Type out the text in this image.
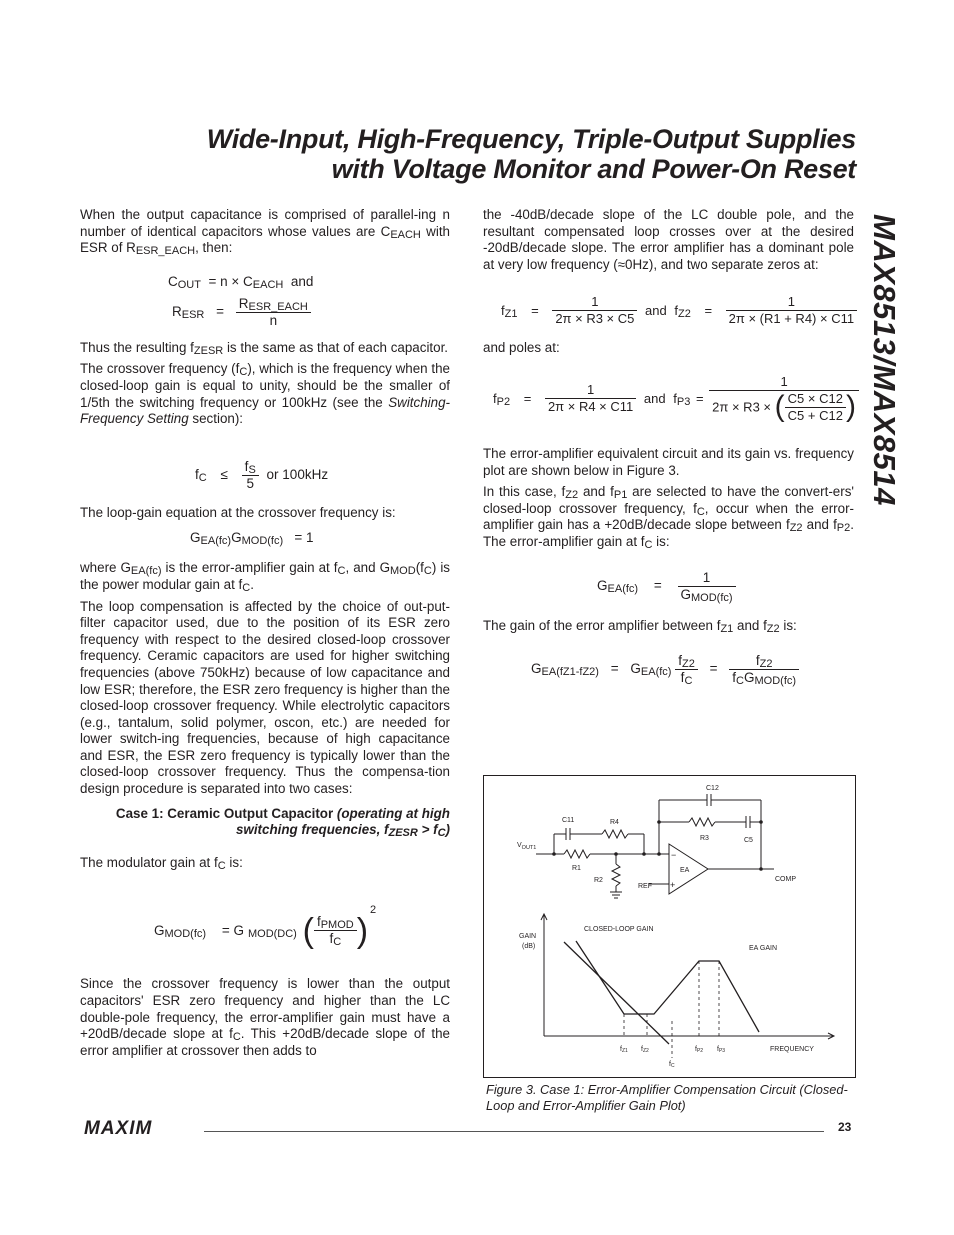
Wide-Input, High-Frequency, Triple-Output Supplies
with Voltage Monitor and Power-On Reset
MAX8513/MAX8514

When the output capacitance is comprised of parallel-ing n number of identical capacitors whose values are $C_{EACH}$ with ESR of $R_{ESR\_EACH}$, then:

$C_{OUT} = n \times C_{EACH}$ and
$R_{ESR} = \frac{R_{ESR\_EACH}}{n}$

Thus the resulting $f_{ZESR}$ is the same as that of each capacitor.

The crossover frequency $(f_C)$, which is the frequency when the closed-loop gain is equal to unity, should be the smaller of 1/5th the switching frequency or 100kHz (see the Switching-Frequency Setting section):

$f_C \le \frac{f_S}{5}$ or 100kHz

The loop-gain equation at the crossover frequency is:

$G_{EA(fc)}G_{MOD(fc)} = 1$

where $G_{EA(fc)}$ is the error-amplifier gain at $f_C$, and $G_{MOD}(f_C)$ is the power modular gain at $f_C$.

The loop compensation is affected by the choice of out-put-filter capacitor used, due to the position of its ESR zero frequency with respect to the desired closed-loop crossover frequency. Ceramic capacitors are used for higher switching frequencies (above 750kHz) because of low capacitance and low ESR; therefore, the ESR zero frequency is higher than the closed-loop crossover frequency. While electrolytic capacitors (e.g., tantalum, solid polymer, oscon, etc.) are needed for lower switch-ing frequencies, because of high capacitance and ESR, the ESR zero frequency is typically lower than the closed-loop crossover frequency. Thus the compensa-tion design procedure is separated into two cases:

Case 1: Ceramic Output Capacitor (operating at high switching frequencies, $f_{ZESR} > f_C$)

The modulator gain at $f_C$ is:

$G_{MOD(fc)} = G$ $_{MOD(DC)}$ ( $\frac{f_{PMOD}}{f_C} )^2$

Since the crossover frequency is lower than the output capacitors' ESR zero frequency and higher than the LC double-pole frequency, the error-amplifier gain must have a +20dB/decade slope at $f_C$. This +20dB/decade slope of the error amplifier at crossover then adds to

the -40dB/decade slope of the LC double pole, and the resultant compensated loop crosses over at the desired -20dB/decade slope. The error amplifier has a dominant pole at very low frequency (≈0Hz), and two separate zeros at:

$f_{Z1} = \frac{1}{2\pi \times R3 \times C5}$ and $f_{Z2} = \frac{1}{2\pi \times (R1 + R4) \times C11}$

and poles at:

$f_{P2} = \frac{1}{2\pi \times R4 \times C11}$ and $f_{P3} = \frac{1}{2\pi \times R3 \times ( \frac{C5 \times C12}{C5 + C12} )}$

The error-amplifier equivalent circuit and its gain vs. frequency plot are shown below in Figure 3.

In this case, $f_{Z2}$ and $f_{P1}$ are selected to have the convert-ers' closed-loop crossover frequency, $f_C$, occur when the error-amplifier gain has a +20dB/decade slope between $f_{Z2}$ and $f_{P2}$. The error-amplifier gain at $f_C$ is:

$G_{EA(fc)} = \frac{1}{G_{MOD(fc)}}$

The gain of the error amplifier between $f_{Z1}$ and $f_{Z2}$ is:

$G_{EA(fZ1-fZ2)} = G_{EA(fc)} \frac{f_{Z2}}{f_C} = \frac{f_{Z2}}{f_CG_{MOD(fc)}}$
C12
C11	R4
R3	C5
$V_{OUT1}$
R1
R2
EA
REF
COMP
−
+
GAIN
(dB)
CLOSED-LOOP GAIN
EA GAIN
fZ1 fZ2	fP2 fP3
fC
FREQUENCY
Figure 3. Case 1: Error-Amplifier Compensation Circuit (Closed-Loop and Error-Amplifier Gain Plot)
MAXIM	23
